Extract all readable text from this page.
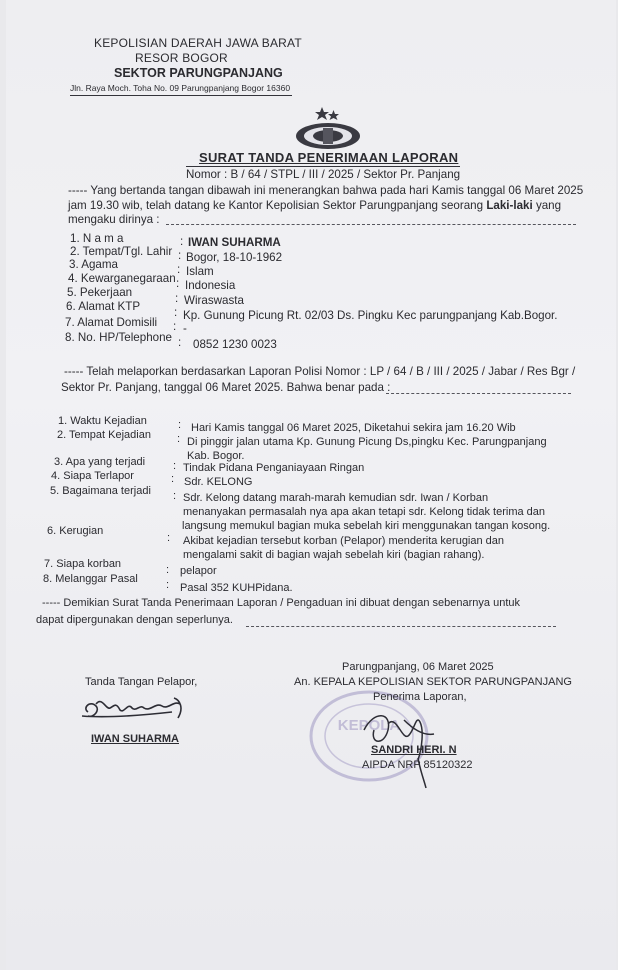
KEPOLISIAN DAERAH JAWA BARAT
RESOR BOGOR
SEKTOR PARUNGPANJANG
Jln. Raya Moch. Toha No. 09 Parungpanjang Bogor 16360
SURAT TANDA PENERIMAAN LAPORAN
Nomor : B / 64 / STPL / III / 2025 / Sektor Pr. Panjang
----- Yang bertanda tangan dibawah ini menerangkan bahwa pada hari Kamis tanggal 06 Maret 2025
jam 19.30 wib, telah datang ke Kantor Kepolisian Sektor Parungpanjang seorang Laki-laki yang
mengaku dirinya :
1. N a m a	: IWAN SUHARMA
2. Tempat/Tgl. Lahir : Bogor, 18-10-1962
3. Agama	: Islam
4. Kewarganegaraan : Indonesia
5. Pekerjaan	: Wiraswasta
6. Alamat KTP	: Kp. Gunung Picung Rt. 02/03 Ds. Pingku Kec parungpanjang Kab.Bogor.
7. Alamat Domisili : -
8. No. HP/Telephone : 0852 1230 0023
----- Telah melaporkan berdasarkan Laporan Polisi Nomor : LP / 64 / B / III / 2025 / Jabar / Res Bgr /
Sektor Pr. Panjang, tanggal 06 Maret 2025. Bahwa benar pada :
1. Waktu Kejadian	: Hari Kamis tanggal 06 Maret 2025, Diketahui sekira jam 16.20 Wib
2. Tempat Kejadian : Di pinggir jalan utama Kp. Gunung Picung Ds,pingku Kec. Parungpanjang
Kab. Bogor.
3. Apa yang terjadi	: Tindak Pidana Penganiayaan Ringan
4. Siapa Terlapor	: Sdr. KELONG
5. Bagaimana terjadi : Sdr. Kelong datang marah-marah kemudian sdr. Iwan / Korban
menanyakan permasalah nya apa akan tetapi sdr. Kelong tidak terima dan
langsung memukul bagian muka sebelah kiri menggunakan tangan kosong.
6. Kerugian
: Akibat kejadian tersebut korban (Pelapor) menderita kerugian dan
mengalami sakit di bagian wajah sebelah kiri (bagian rahang).
7. Siapa korban	: pelapor
8. Melanggar Pasal	: Pasal 352 KUHPidana.
----- Demikian Surat Tanda Penerimaan Laporan / Pengaduan ini dibuat dengan sebenarnya untuk
dapat dipergunakan dengan seperlunya.
Parungpanjang, 06 Maret 2025
Tanda Tangan Pelapor,
IWAN SUHARMA
KEPOLA
An. KEPALA KEPOLISIAN SEKTOR PARUNGPANJANG
Penerima Laporan,
SANDRI HERI. N
AIPDA NRP 85120322
